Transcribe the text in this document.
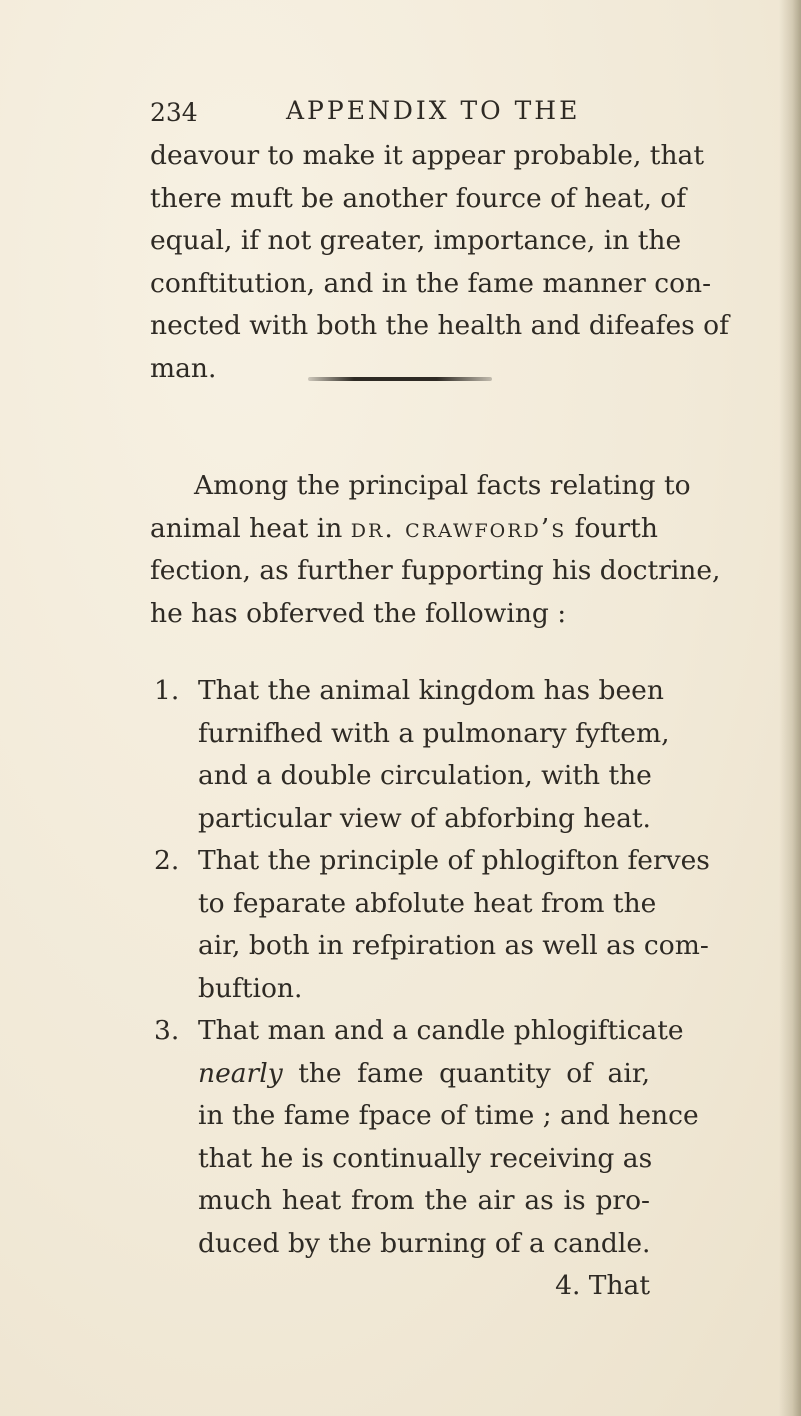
234	APPENDIX TO THE
deavour to make it appear probable, that
there muft be another fource of heat, of
equal, if not greater, importance, in the
conftitution, and in the fame manner con-
nected with both the health and difeafes of
man.
Among the principal facts relating to
animal heat in dr. crawford’s fourth
fection, as further fupporting his doctrine,
he has obferved the following :
1. That the animal kingdom has been
furnifhed with a pulmonary fyftem,
and a double circulation, with the
particular view of abforbing heat.
2. That the principle of phlogifton ferves
to feparate abfolute heat from the
air, both in refpiration as well as com-
buftion.
3. That man and a candle phlogifticate
nearly the fame quantity of air,
in the fame fpace of time ; and hence
that he is continually receiving as
much heat from the air as is pro-
duced by the burning of a candle.
4. That
